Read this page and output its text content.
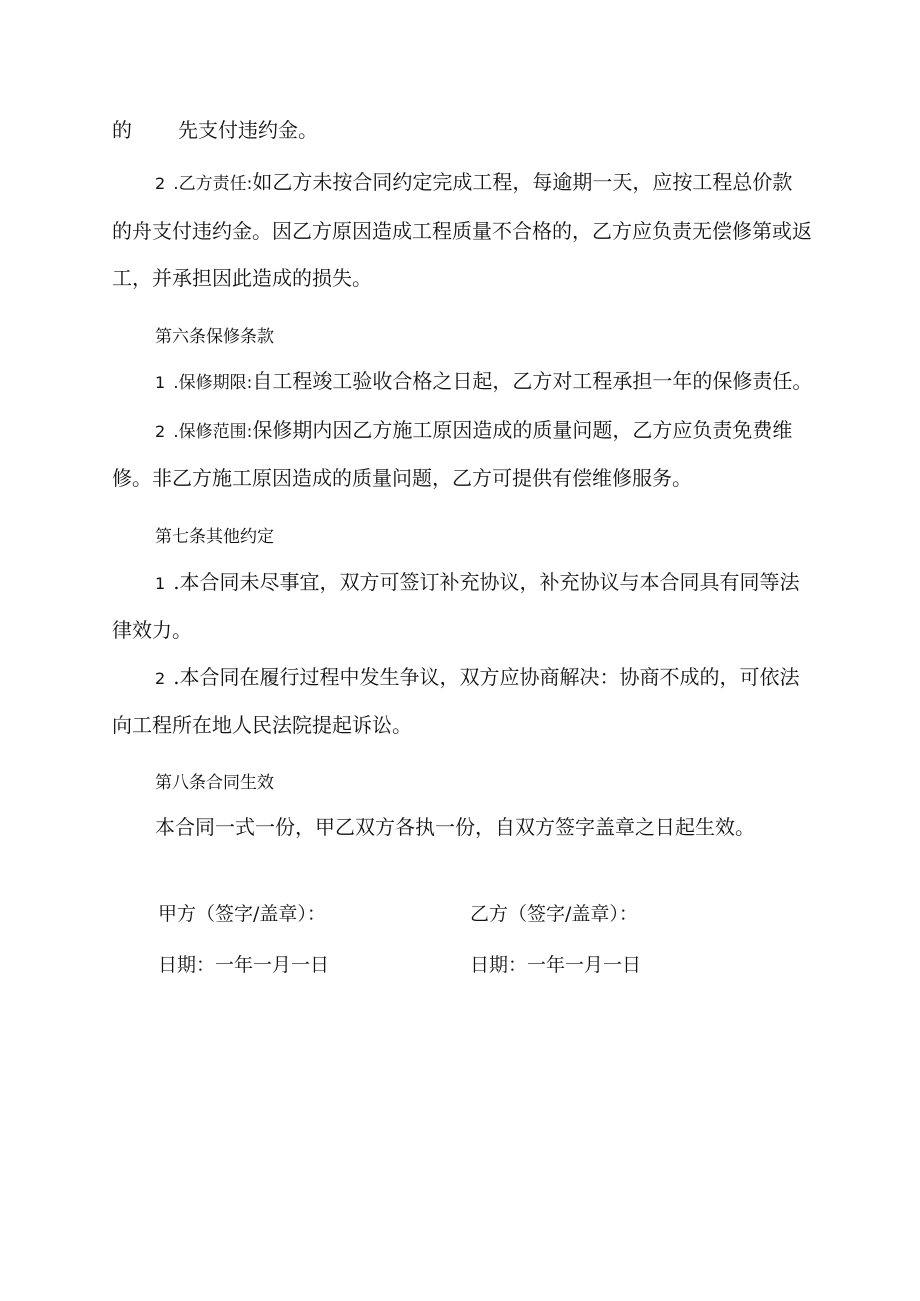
的 先支付违约金。
2 .乙方责任:如乙方未按合同约定完成工程，每逾期一天，应按工程总价款
的舟支付违约金。因乙方原因造成工程质量不合格的，乙方应负责无偿修第或返
工，并承担因此造成的损失。
第六条保修条款
1 .保修期限:自工程竣工验收合格之日起，乙方对工程承担一年的保修责任。
2 .保修范围:保修期内因乙方施工原因造成的质量问题，乙方应负责免费维
修。非乙方施工原因造成的质量问题，乙方可提供有偿维修服务。
第七条其他约定
1 .本合同未尽事宜，双方可签订补充协议，补充协议与本合同具有同等法
律效力。
2 .本合同在履行过程中发生争议，双方应协商解决：协商不成的，可依法
向工程所在地人民法院提起诉讼。
第八条合同生效
本合同一式一份，甲乙双方各执一份，自双方签字盖章之日起生效。
甲方（签字/盖章）：	乙方（签字/盖章）：
日期：一年一月一日	日期：一年一月一日
